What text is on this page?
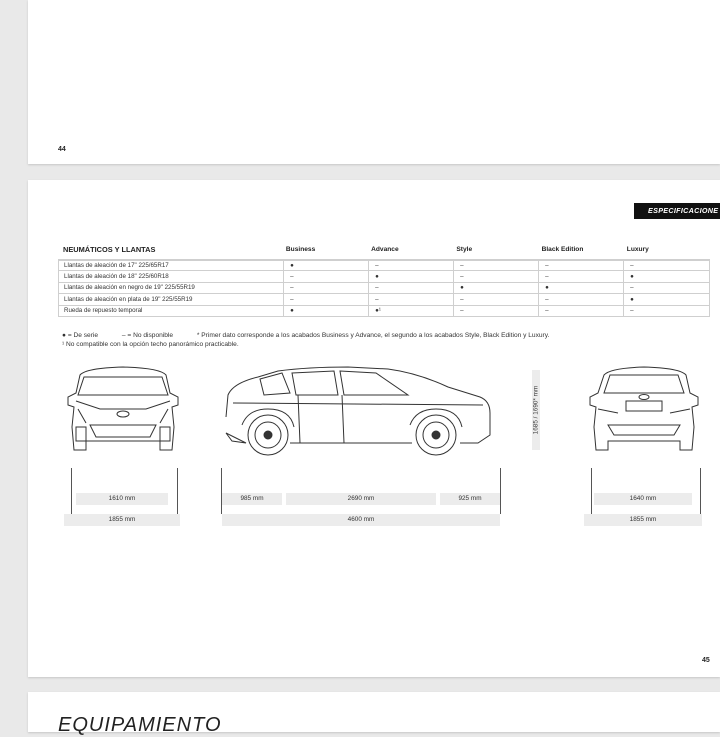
44
ESPECIFICACIONE
NEUMÁTICOS Y LLANTAS	Business	Advance	Style	Black Edition	Luxury
Llantas de aleación de 17" 225/65R17	●	–	–	–	–
Llantas de aleación de 18" 225/60R18	–	●	–	–	●
Llantas de aleación en negro de 19" 225/55R19	–	–	●	●	–
Llantas de aleación en plata de 19" 225/55R19	–	–	–	–	●
Rueda de repuesto temporal	●	●¹	–	–	–
● = De serie	– = No disponible	* Primer dato corresponde a los acabados Business y Advance, el segundo a los acabados Style, Black Edition y Luxury.
¹ No compatible con la opción techo panorámico practicable.
1610 mm
1855 mm
985 mm	2690 mm	925 mm
4600 mm
1685 / 1690* mm
1640 mm
1855 mm
45
EQUIPAMIENTO
